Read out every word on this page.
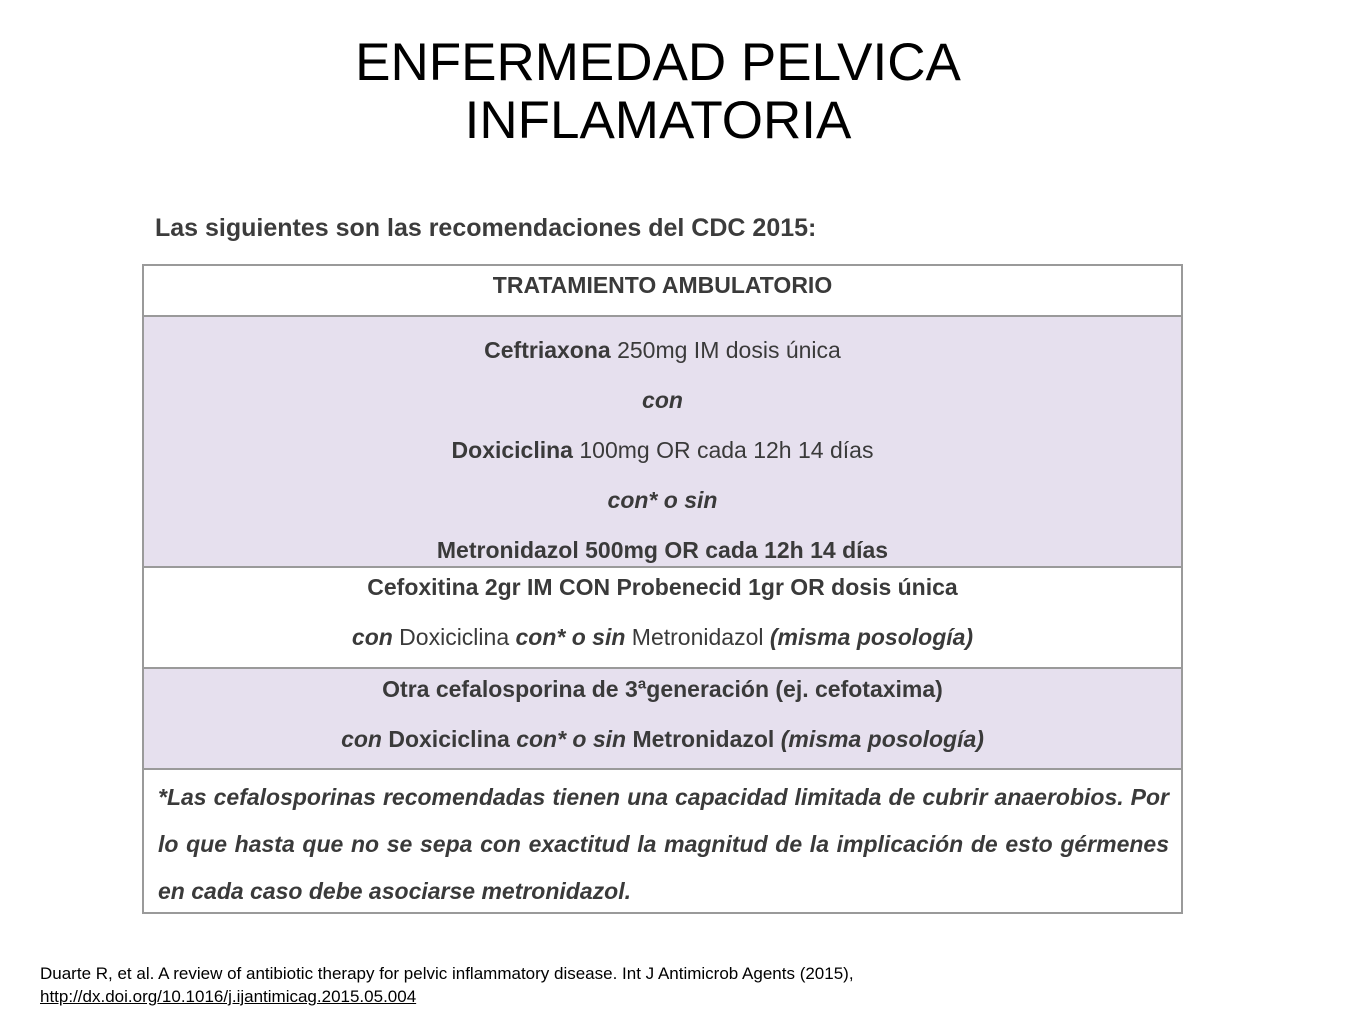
ENFERMEDAD PELVICA
INFLAMATORIA
Las siguientes son las recomendaciones del CDC 2015:
TRATAMIENTO AMBULATORIO
Ceftriaxona 250mg IM dosis única
con
Doxiciclina 100mg OR cada 12h 14 días
con* o sin
Metronidazol 500mg OR cada 12h 14 días
Cefoxitina 2gr IM CON Probenecid 1gr OR dosis única
con Doxiciclina con* o sin Metronidazol (misma posología)
Otra cefalosporina de 3ªgeneración (ej. cefotaxima)
con Doxiciclina con* o sin Metronidazol (misma posología)
*Las cefalosporinas recomendadas tienen una capacidad limitada de cubrir anaerobios. Por lo que hasta que no se sepa con exactitud la magnitud de la implicación de esto gérmenes en cada caso debe asociarse metronidazol.
Duarte R, et al. A review of antibiotic therapy for pelvic inflammatory disease. Int J Antimicrob Agents (2015),
http://dx.doi.org/10.1016/j.ijantimicag.2015.05.004
